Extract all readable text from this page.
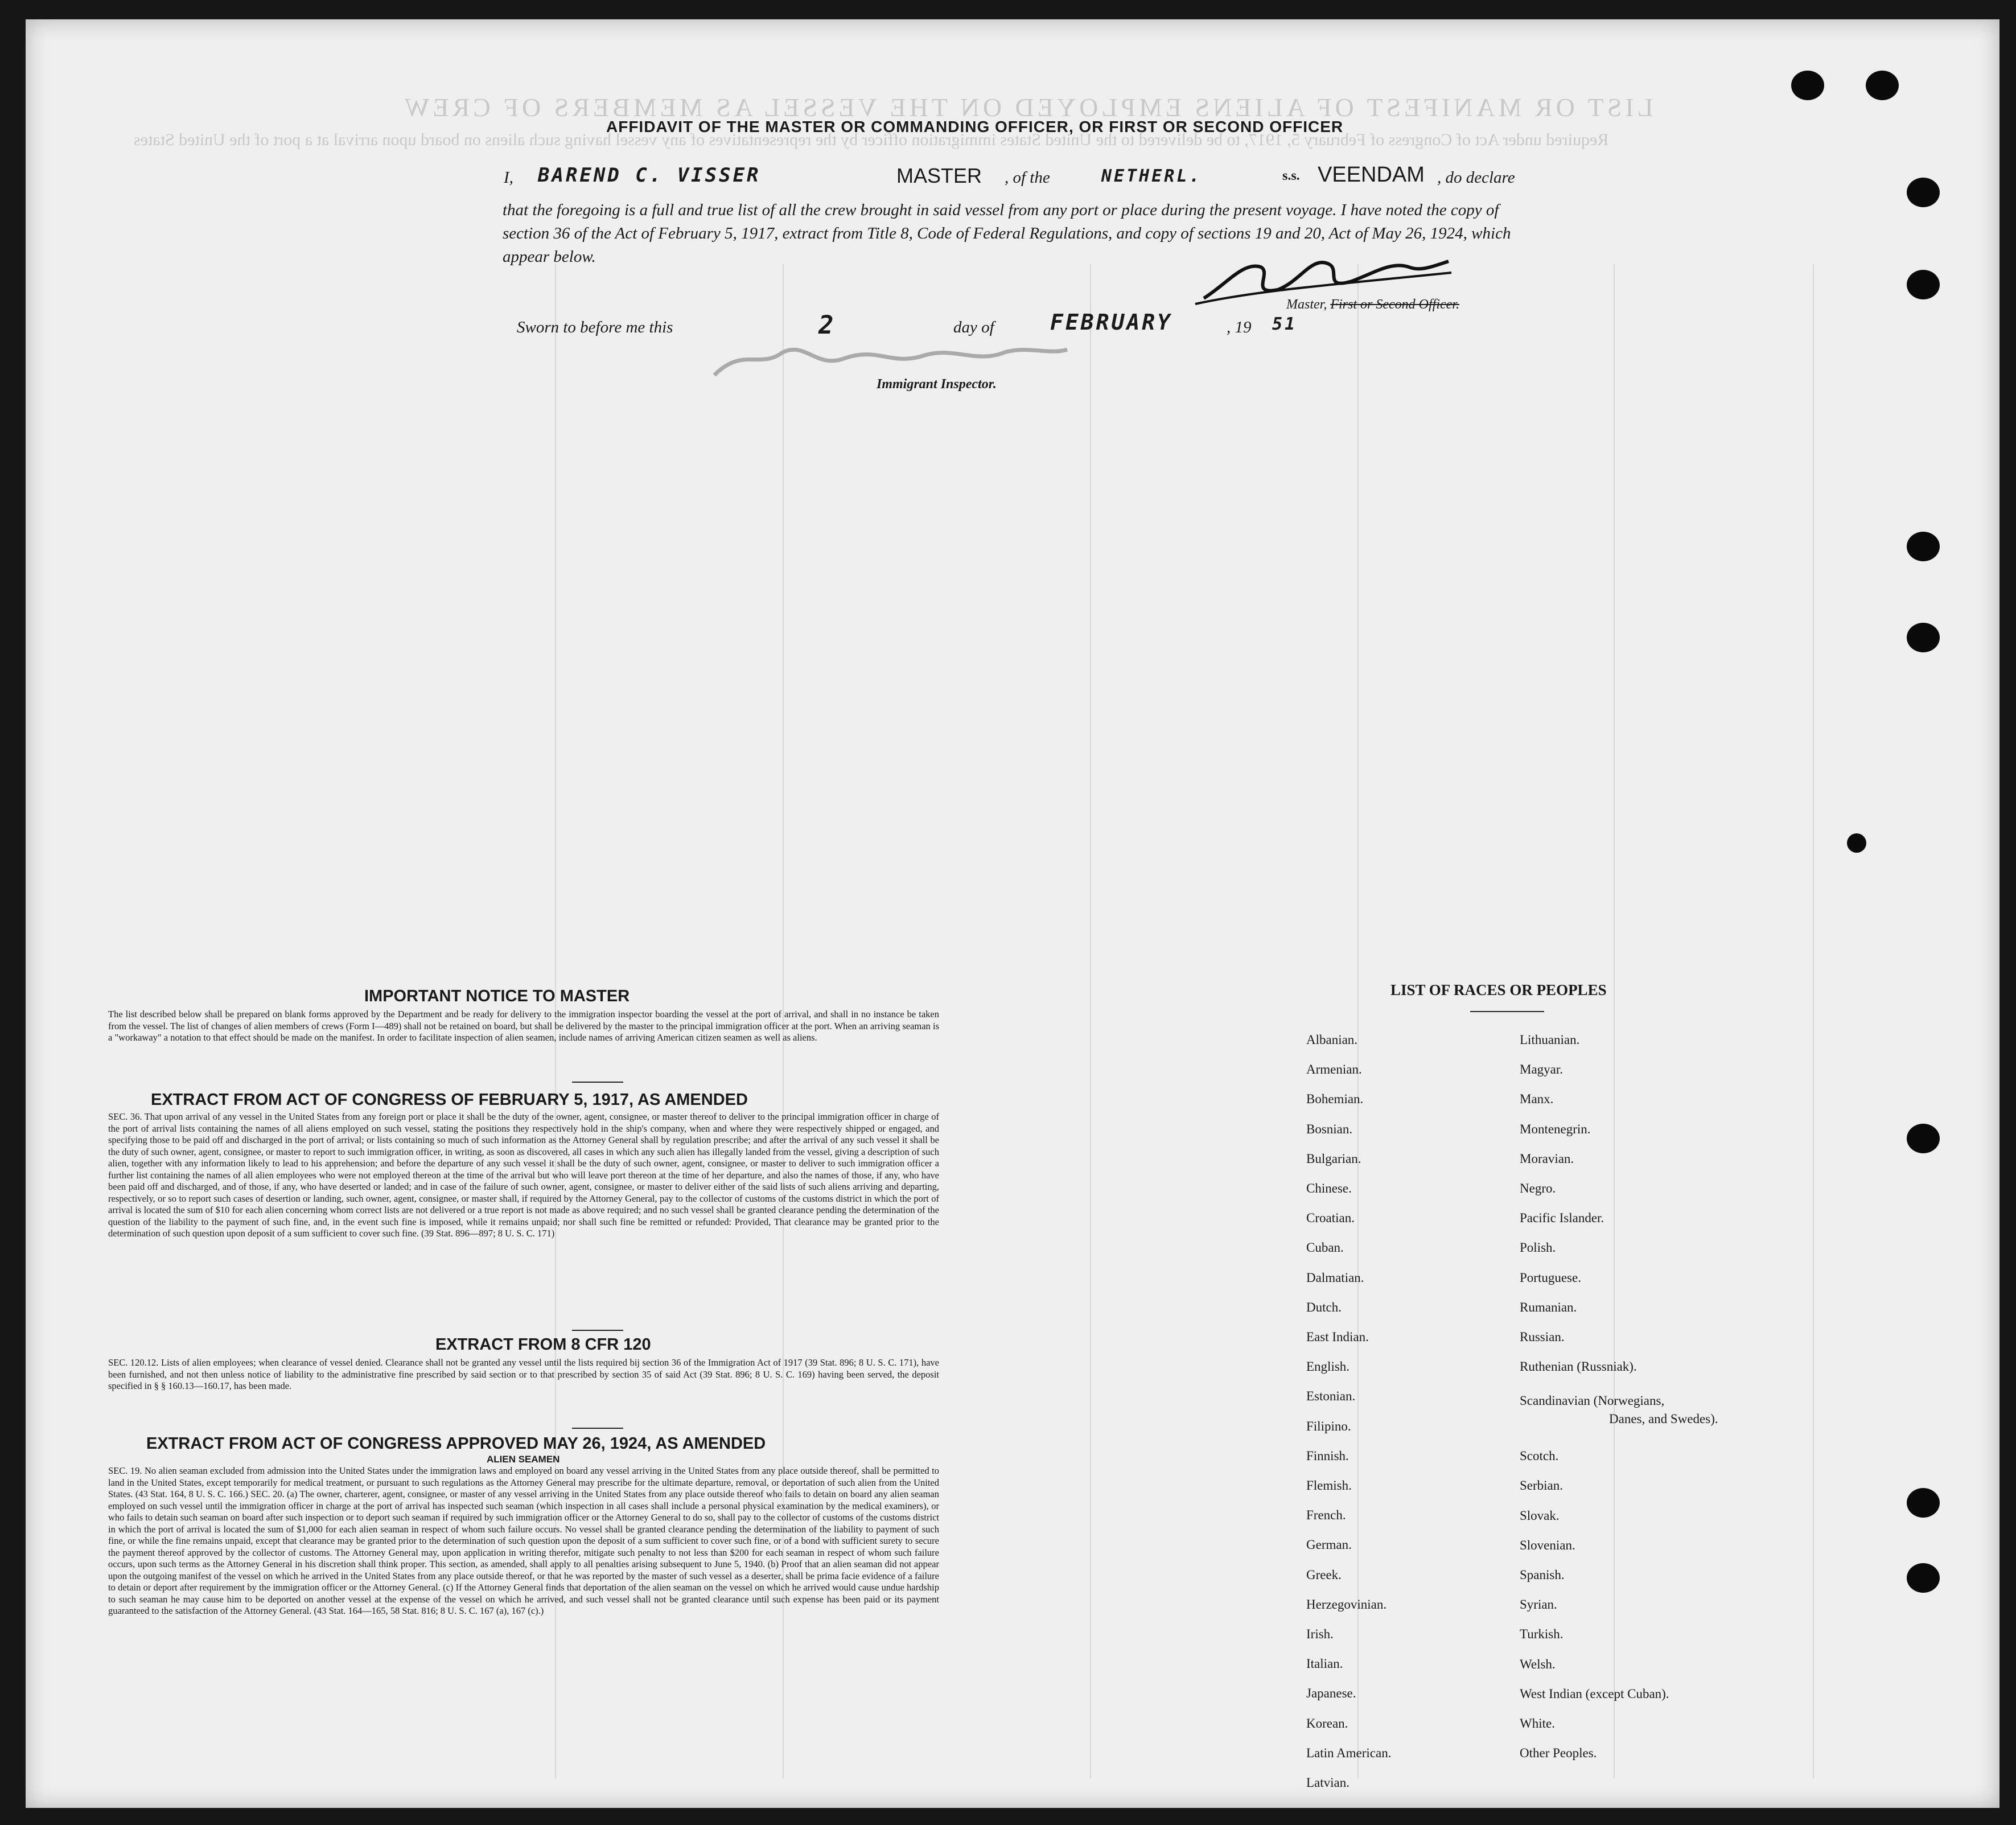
LIST OR MANIFEST OF ALIENS EMPLOYED ON THE VESSEL AS MEMBERS OF CREW
Required under Act of Congress of February 5, 1917, to be delivered to the United States immigration officer by the representatives of any vessel having such aliens on board upon arrival at a port of the United States
AFFIDAVIT OF THE MASTER OR COMMANDING OFFICER, OR FIRST OR SECOND OFFICER
I, BAREND C. VISSER	MASTER , of the	NETHERL.	s.s. VEENDAM , do declare
that the foregoing is a full and true list of all the crew brought in said vessel from any port or place during the present voyage. I have noted the copy of section 36 of the Act of February 5, 1917, extract from Title 8, Code of Federal Regulations, and copy of sections 19 and 20, Act of May 26, 1924, which appear below.
Master, First or Second Officer.
Sworn to before me this	2	day of	FEBRUARY	, 19 51
Immigrant Inspector.
IMPORTANT NOTICE TO MASTER
The list described below shall be prepared on blank forms approved by the Department and be ready for delivery to the immigration inspector boarding the vessel at the port of arrival, and shall in no instance be taken from the vessel. The list of changes of alien members of crews (Form I—489) shall not be retained on board, but shall be delivered by the master to the principal immigration officer at the port. When an arriving seaman is a "workaway" a notation to that effect should be made on the manifest. In order to facilitate inspection of alien seamen, include names of arriving American citizen seamen as well as aliens.
EXTRACT FROM ACT OF CONGRESS OF FEBRUARY 5, 1917, AS AMENDED
SEC. 36. That upon arrival of any vessel in the United States from any foreign port or place it shall be the duty of the owner, agent, consignee, or master thereof to deliver to the principal immigration officer in charge of the port of arrival lists containing the names of all aliens employed on such vessel, stating the positions they respectively hold in the ship's company, when and where they were respectively shipped or engaged, and specifying those to be paid off and discharged in the port of arrival; or lists containing so much of such information as the Attorney General shall by regulation prescribe; and after the arrival of any such vessel it shall be the duty of such owner, agent, consignee, or master to report to such immigration officer, in writing, as soon as discovered, all cases in which any such alien has illegally landed from the vessel, giving a description of such alien, together with any information likely to lead to his apprehension; and before the departure of any such vessel it shall be the duty of such owner, agent, consignee, or master to deliver to such immigration officer a further list containing the names of all alien employees who were not employed thereon at the time of the arrival but who will leave port thereon at the time of her departure, and also the names of those, if any, who have been paid off and discharged, and of those, if any, who have deserted or landed; and in case of the failure of such owner, agent, consignee, or master to deliver either of the said lists of such aliens arriving and departing, respectively, or so to report such cases of desertion or landing, such owner, agent, consignee, or master shall, if required by the Attorney General, pay to the collector of customs of the customs district in which the port of arrival is located the sum of $10 for each alien concerning whom correct lists are not delivered or a true report is not made as above required; and no such vessel shall be granted clearance pending the determination of the question of the liability to the payment of such fine, and, in the event such fine is imposed, while it remains unpaid; nor shall such fine be remitted or refunded: Provided, That clearance may be granted prior to the determination of such question upon deposit of a sum sufficient to cover such fine. (39 Stat. 896—897; 8 U. S. C. 171)
EXTRACT FROM 8 CFR 120
SEC. 120.12. Lists of alien employees; when clearance of vessel denied. Clearance shall not be granted any vessel until the lists required bij section 36 of the Immigration Act of 1917 (39 Stat. 896; 8 U. S. C. 171), have been furnished, and not then unless notice of liability to the administrative fine prescribed by said section or to that prescribed by section 35 of said Act (39 Stat. 896; 8 U. S. C. 169) having been served, the deposit specified in § § 160.13—160.17, has been made.
EXTRACT FROM ACT OF CONGRESS APPROVED MAY 26, 1924, AS AMENDED
ALIEN SEAMEN
SEC. 19. No alien seaman excluded from admission into the United States under the immigration laws and employed on board any vessel arriving in the United States from any place outside thereof, shall be permitted to land in the United States, except temporarily for medical treatment, or pursuant to such regulations as the Attorney General may prescribe for the ultimate departure, removal, or deportation of such alien from the United States. (43 Stat. 164, 8 U. S. C. 166.) SEC. 20. (a) The owner, charterer, agent, consignee, or master of any vessel arriving in the United States from any place outside thereof who fails to detain on board any alien seaman employed on such vessel until the immigration officer in charge at the port of arrival has inspected such seaman (which inspection in all cases shall include a personal physical examination by the medical examiners), or who fails to detain such seaman on board after such inspection or to deport such seaman if required by such immigration officer or the Attorney General to do so, shall pay to the collector of customs of the customs district in which the port of arrival is located the sum of $1,000 for each alien seaman in respect of whom such failure occurs. No vessel shall be granted clearance pending the determination of the liability to payment of such fine, or while the fine remains unpaid, except that clearance may be granted prior to the determination of such question upon the deposit of a sum sufficient to cover such fine, or of a bond with sufficient surety to secure the payment thereof approved by the collector of customs. The Attorney General may, upon application in writing therefor, mitigate such penalty to not less than $200 for each seaman in respect of whom such failure occurs, upon such terms as the Attorney General in his discretion shall think proper. This section, as amended, shall apply to all penalties arising subsequent to June 5, 1940. (b) Proof that an alien seaman did not appear upon the outgoing manifest of the vessel on which he arrived in the United States from any place outside thereof, or that he was reported by the master of such vessel as a deserter, shall be prima facie evidence of a failure to detain or deport after requirement by the immigration officer or the Attorney General. (c) If the Attorney General finds that deportation of the alien seaman on the vessel on which he arrived would cause undue hardship to such seaman he may cause him to be deported on another vessel at the expense of the vessel on which he arrived, and such vessel shall not be granted clearance until such expense has been paid or its payment guaranteed to the satisfaction of the Attorney General. (43 Stat. 164—165, 58 Stat. 816; 8 U. S. C. 167 (a), 167 (c).)
LIST OF RACES OR PEOPLES
Albanian.
Armenian.
Bohemian.
Bosnian.
Bulgarian.
Chinese.
Croatian.
Cuban.
Dalmatian.
Dutch.
East Indian.
English.
Estonian.
Filipino.
Finnish.
Flemish.
French.
German.
Greek.
Herzegovinian.
Irish.
Italian.
Japanese.
Korean.
Latin American.
Latvian.
Lithuanian.
Magyar.
Manx.
Montenegrin.
Moravian.
Negro.
Pacific Islander.
Polish.
Portuguese.
Rumanian.
Russian.
Ruthenian (Russniak).
Scandinavian (Norwegians,
Danes, and Swedes).
Scotch.
Serbian.
Slovak.
Slovenian.
Spanish.
Syrian.
Turkish.
Welsh.
West Indian (except Cuban).
White.
Other Peoples.
